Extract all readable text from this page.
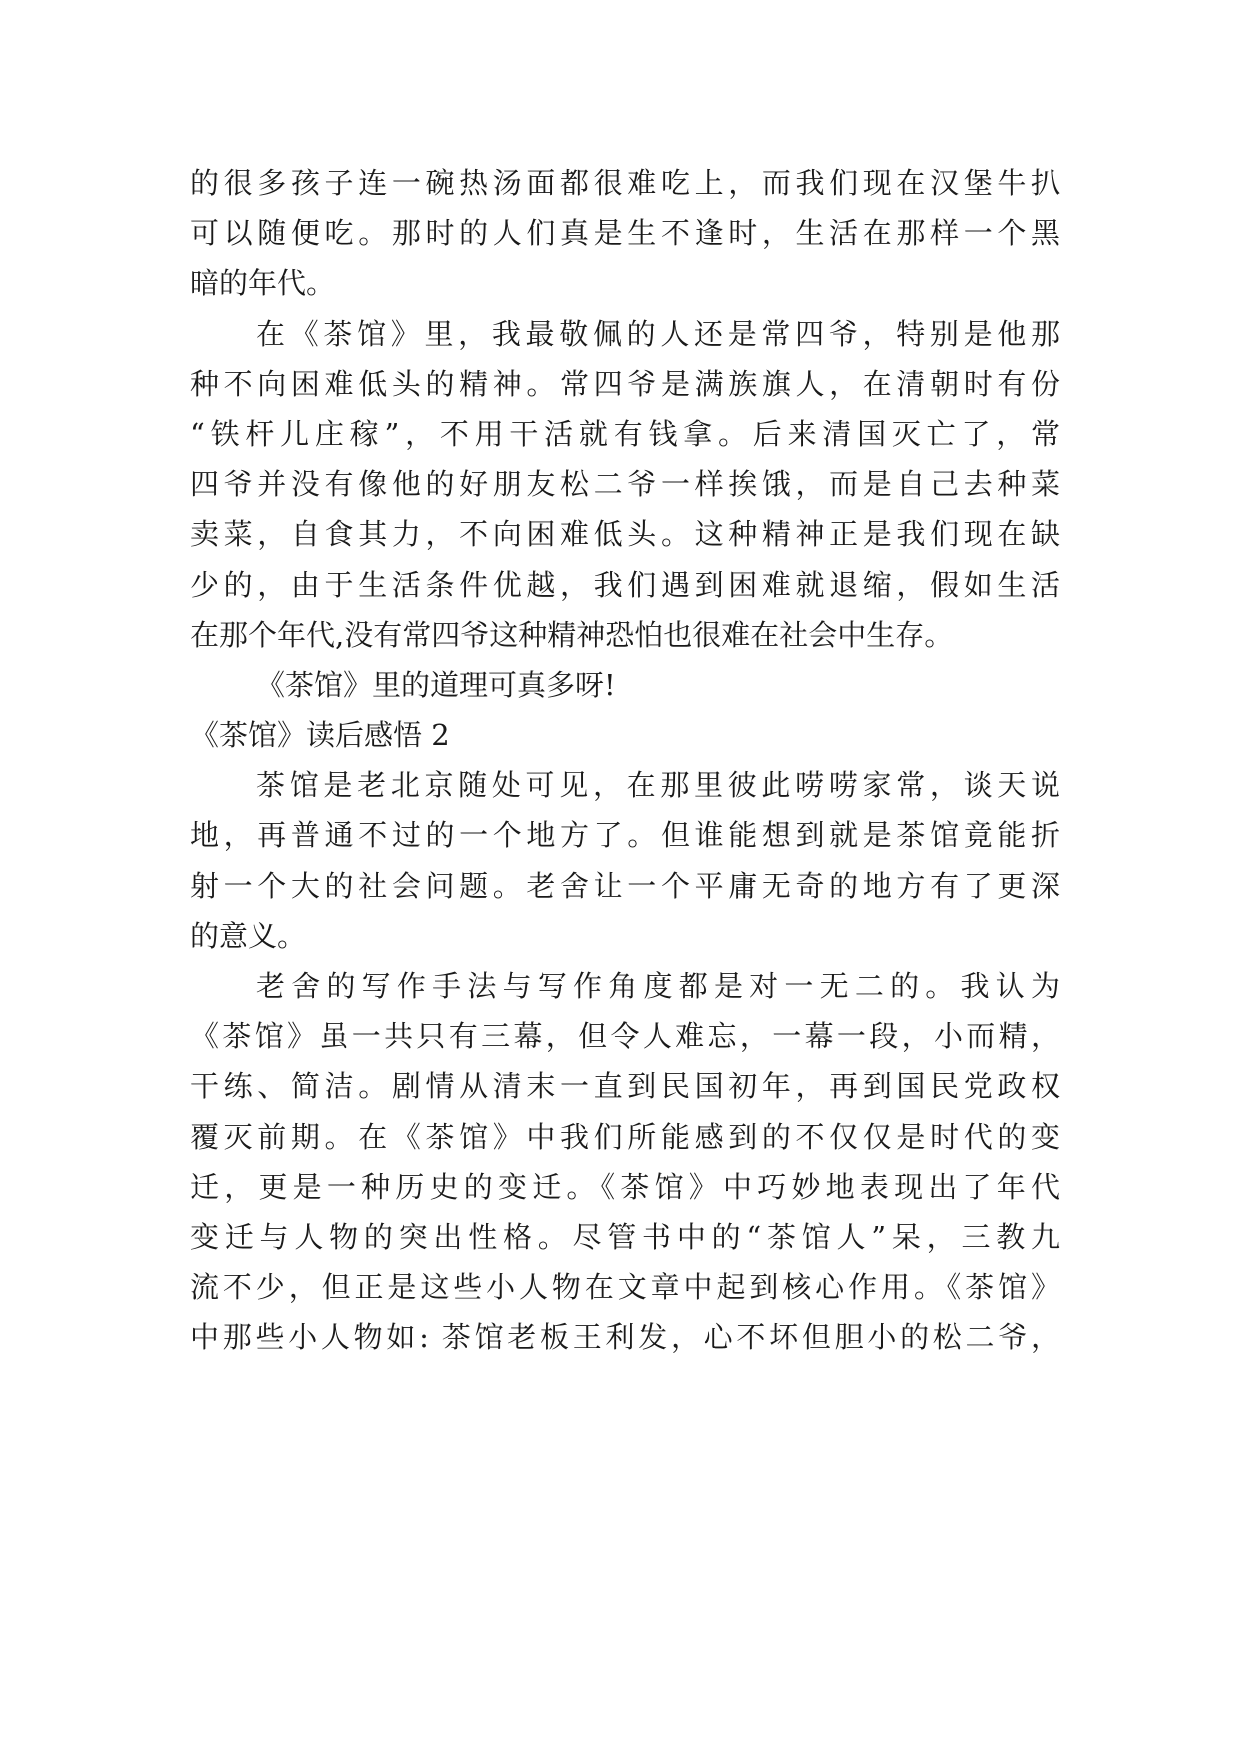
的很多孩子连一碗热汤面都很难吃上，而我们现在汉堡牛扒
可以随便吃。那时的人们真是生不逢时，生活在那样一个黑
暗的年代。
在《茶馆》里，我最敬佩的人还是常四爷，特别是他那
种不向困难低头的精神。常四爷是满族旗人，在清朝时有份
“铁杆儿庄稼”，不用干活就有钱拿。后来清国灭亡了，常
四爷并没有像他的好朋友松二爷一样挨饿，而是自己去种菜
卖菜，自食其力，不向困难低头。这种精神正是我们现在缺
少的，由于生活条件优越，我们遇到困难就退缩，假如生活
在那个年代,没有常四爷这种精神恐怕也很难在社会中生存。
《茶馆》里的道理可真多呀!
《茶馆》读后感悟 2
茶馆是老北京随处可见，在那里彼此唠唠家常，谈天说
地，再普通不过的一个地方了。但谁能想到就是茶馆竟能折
射一个大的社会问题。老舍让一个平庸无奇的地方有了更深
的意义。
老舍的写作手法与写作角度都是对一无二的。我认为
《茶馆》虽一共只有三幕，但令人难忘，一幕一段，小而精，
干练、简洁。剧情从清末一直到民国初年，再到国民党政权
覆灭前期。在《茶馆》中我们所能感到的不仅仅是时代的变
迁，更是一种历史的变迁。《茶馆》中巧妙地表现出了年代
变迁与人物的突出性格。尽管书中的“茶馆人”呆，三教九
流不少，但正是这些小人物在文章中起到核心作用。《茶馆》
中那些小人物如: 茶馆老板王利发，心不坏但胆小的松二爷，
